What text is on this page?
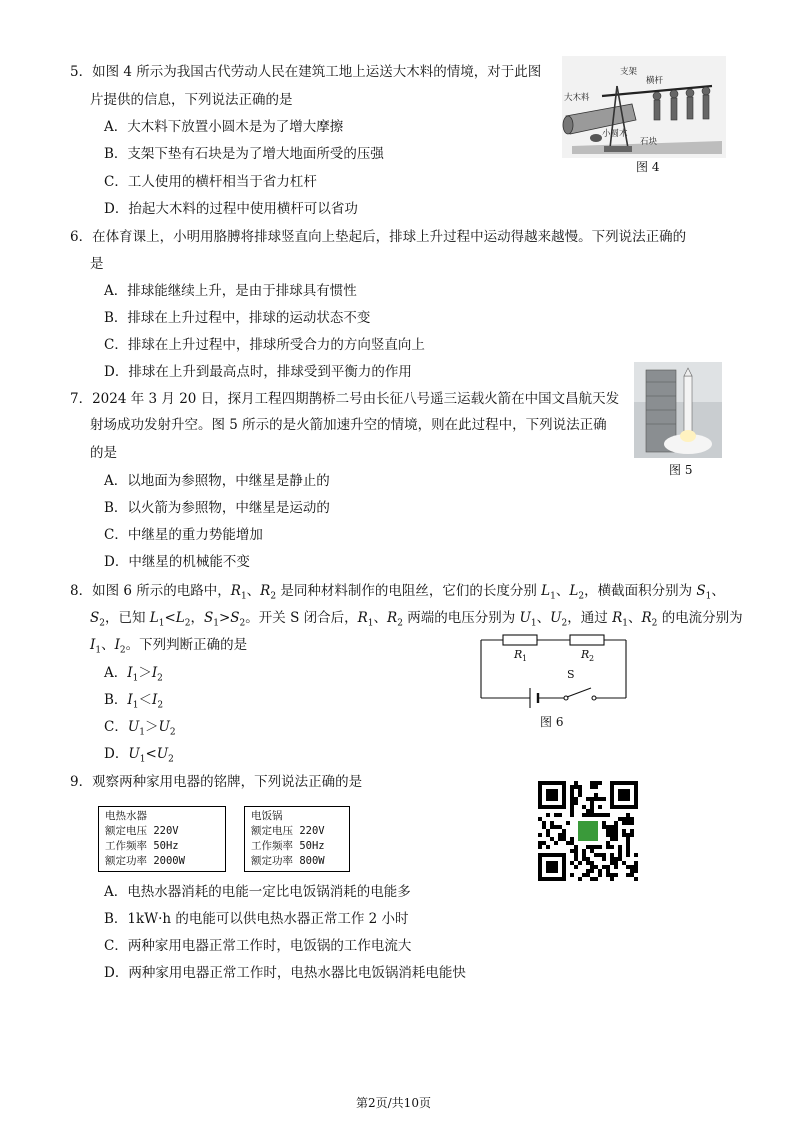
5．如图 4 所示为我国古代劳动人民在建筑工地上运送大木料的情境，对于此图
片提供的信息，下列说法正确的是
A．大木料下放置小圆木是为了增大摩擦
B．支架下垫有石块是为了增大地面所受的压强
C．工人使用的横杆相当于省力杠杆
D．抬起大木料的过程中使用横杆可以省功
支架
横杆
大木料
小圆木
石块
图 4
6．在体育课上，小明用胳膊将排球竖直向上垫起后，排球上升过程中运动得越来越慢。下列说法正确的
是
A．排球能继续上升，是由于排球具有惯性
B．排球在上升过程中，排球的运动状态不变
C．排球在上升过程中，排球所受合力的方向竖直向上
D．排球在上升到最高点时，排球受到平衡力的作用
7．2024 年 3 月 20 日，探月工程四期鹊桥二号由长征八号遥三运载火箭在中国文昌航天发
射场成功发射升空。图 5 所示的是火箭加速升空的情境，则在此过程中，下列说法正确
的是
A．以地面为参照物，中继星是静止的
B．以火箭为参照物，中继星是运动的
C．中继星的重力势能增加
D．中继星的机械能不变
图 5
8．如图 6 所示的电路中，$R_1$、$R_2$ 是同种材料制作的电阻丝，它们的长度分别 $L_1$、$L_2$，横截面积分别为 $S_1$、
$S_2$，已知 $L_1<L_2$，$S_1>S_2$。开关 S 闭合后，$R_1$、$R_2$ 两端的电压分别为 $U_1$、$U_2$，通过 $R_1$、$R_2$ 的电流分别为
$I_1$、$I_2$。下列判断正确的是
A．$I_1>I_2$
B．$I_1<I_2$
C．$U_1>U_2$
D．$U_1<U_2$
R 1	R 2
S
图 6
9．观察两种家用电器的铭牌，下列说法正确的是
电热水器
额定电压 220V
工作频率 50Hz
额定功率 2000W
电饭锅
额定电压 220V
工作频率 50Hz
额定功率 800W
A．电热水器消耗的电能一定比电饭锅消耗的电能多
B．1kW·h 的电能可以供电热水器正常工作 2 小时
C．两种家用电器正常工作时，电饭锅的工作电流大
D．两种家用电器正常工作时，电热水器比电饭锅消耗电能快
第2页/共10页
